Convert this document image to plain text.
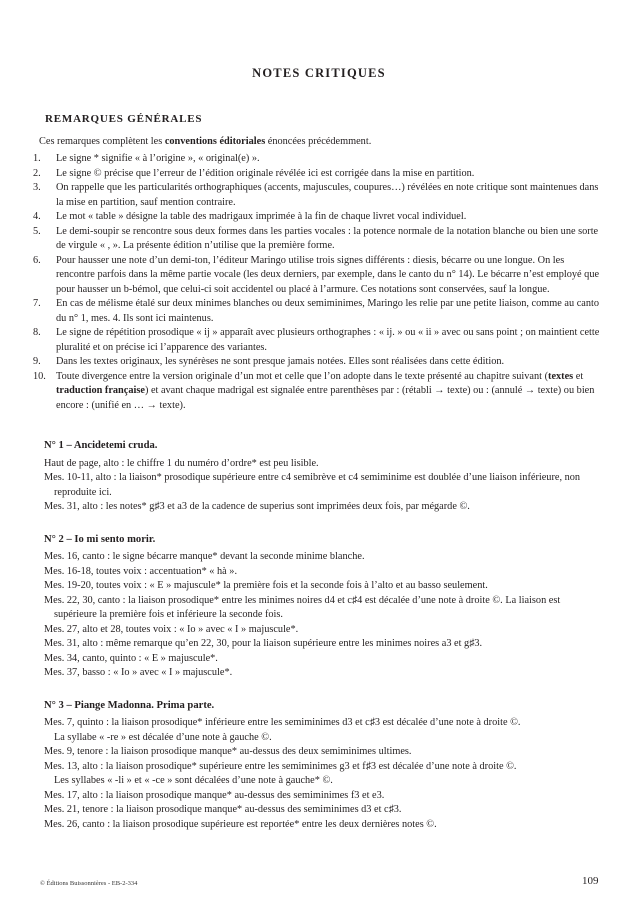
NOTES CRITIQUES
REMARQUES GÉNÉRALES
Ces remarques complètent les conventions éditoriales énoncées précédemment.
1.	Le signe * signifie « à l’origine », « original(e) ».
2.	Le signe © précise que l’erreur de l’édition originale révélée ici est corrigée dans la mise en partition.
3.	On rappelle que les particularités orthographiques (accents, majuscules, coupures…) révélées en note critique sont maintenues dans la mise en partition, sauf mention contraire.
4.	Le mot « table » désigne la table des madrigaux imprimée à la fin de chaque livret vocal individuel.
5.	Le demi-soupir se rencontre sous deux formes dans les parties vocales : la potence normale de la notation blanche ou bien une sorte de virgule « , ». La présente édition n’utilise que la première forme.
6.	Pour hausser une note d’un demi-ton, l’éditeur Maringo utilise trois signes différents : diesis, bécarre ou une longue. On les rencontre parfois dans la même partie vocale (les deux derniers, par exemple, dans le canto du n° 14). Le bécarre n’est employé que pour hausser un b-bémol, que celui-ci soit accidentel ou placé à l’armure. Ces notations sont conservées, sauf la longue.
7.	En cas de mélisme étalé sur deux minimes blanches ou deux semiminimes, Maringo les relie par une petite liaison, comme au canto du n° 1, mes. 4. Ils sont ici maintenus.
8.	Le signe de répétition prosodique « ij » apparaît avec plusieurs orthographes : « ij. » ou « ii » avec ou sans point ; on maintient cette pluralité et on précise ici l’apparence des variantes.
9.	Dans les textes originaux, les synérèses ne sont presque jamais notées. Elles sont réalisées dans cette édition.
10. Toute divergence entre la version originale d’un mot et celle que l’on adopte dans le texte présenté au chapitre suivant (textes et traduction française) et avant chaque madrigal est signalée entre parenthèses par : (rétabli → texte) ou : (annulé → texte) ou bien encore : (unifié en … → texte).
N° 1 – Ancidetemi cruda.
Haut de page, alto : le chiffre 1 du numéro d’ordre* est peu lisible.
Mes. 10-11, alto : la liaison* prosodique supérieure entre c4 semibrève et c4 semiminime est doublée d’une liaison inférieure, non reproduite ici.
Mes. 31, alto : les notes* g♯3 et a3 de la cadence de superius sont imprimées deux fois, par mégarde ©.
N° 2 – Io mi sento morir.
Mes. 16, canto : le signe bécarre manque* devant la seconde minime blanche.
Mes. 16-18, toutes voix : accentuation* « hà ».
Mes. 19-20, toutes voix : « E » majuscule* la première fois et la seconde fois à l’alto et au basso seulement.
Mes. 22, 30, canto : la liaison prosodique* entre les minimes noires d4 et c♯4 est décalée d’une note à droite ©. La liaison est supérieure la première fois et inférieure la seconde fois.
Mes. 27, alto et 28, toutes voix : « Io » avec « I » majuscule*.
Mes. 31, alto : même remarque qu’en 22, 30, pour la liaison supérieure entre les minimes noires a3 et g♯3.
Mes. 34, canto, quinto : « E » majuscule*.
Mes. 37, basso : « Io » avec « I » majuscule*.
N° 3 – Piange Madonna. Prima parte.
Mes. 7, quinto : la liaison prosodique* inférieure entre les semiminimes d3 et c♯3 est décalée d’une note à droite ©.
La syllabe « -re » est décalée d’une note à gauche ©.
Mes. 9, tenore : la liaison prosodique manque* au-dessus des deux semiminimes ultimes.
Mes. 13, alto : la liaison prosodique* supérieure entre les semiminimes g3 et f♯3 est décalée d’une note à droite ©.
Les syllabes « -li » et « -ce » sont décalées d’une note à gauche* ©.
Mes. 17, alto : la liaison prosodique manque* au-dessus des semiminimes f3 et e3.
Mes. 21, tenore : la liaison prosodique manque* au-dessus des semiminimes d3 et c♯3.
Mes. 26, canto : la liaison prosodique supérieure est reportée* entre les deux dernières notes ©.
© Éditions Buissonnières - EB-2-334	109
